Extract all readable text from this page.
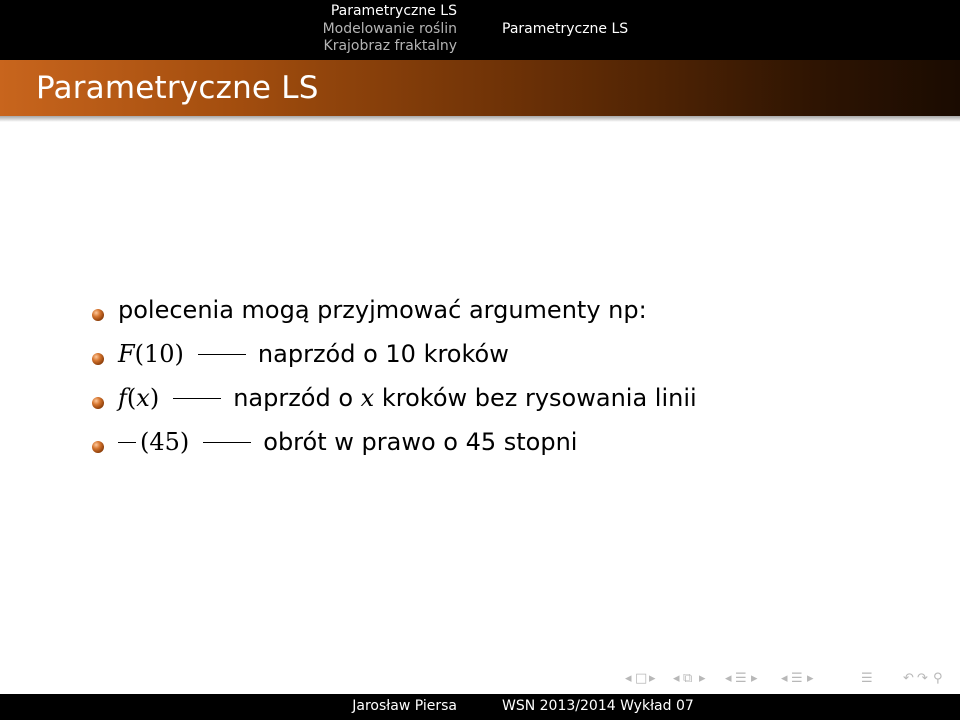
Parametryczne LS
Modelowanie roślin
Krajobraz fraktalny
Parametryczne LS
Parametryczne LS
polecenia mogą przyjmować argumenty np:
F(10)	naprzód o 10 kroków
f(x)	naprzód o x kroków bez rysowania linii
(45)	obrót w prawo o 45 stopni
◂ □ ▸ ◂ ⧉ ▸ ◂ ☰ ▸ ◂ ☰ ▸	☰ ↶ ↷ ⚲
Jarosław Piersa	WSN 2013/2014 Wykład 07
